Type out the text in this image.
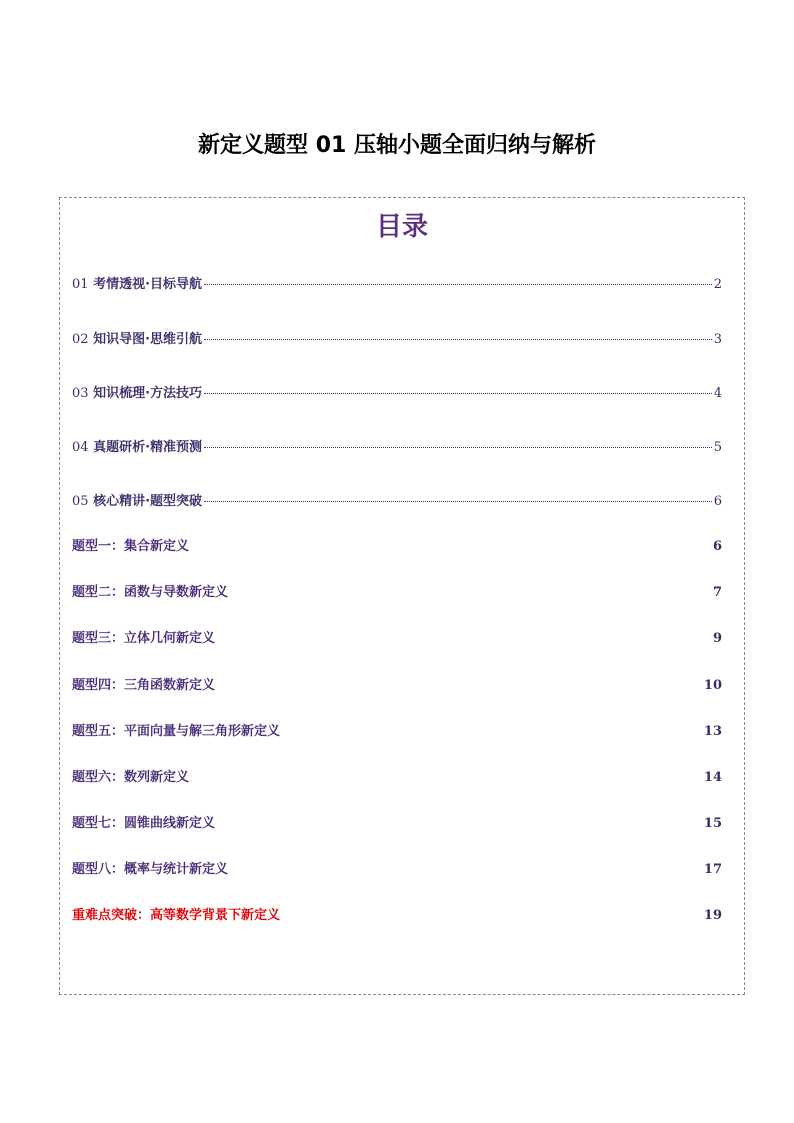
新定义题型 01 压轴小题全面归纳与解析
目录
01 考情透视·目标导航	2
02 知识导图·思维引航	3
03 知识梳理·方法技巧	4
04 真题研析·精准预测	5
05 核心精讲·题型突破	6
题型一：集合新定义	6
题型二：函数与导数新定义	7
题型三：立体几何新定义	9
题型四：三角函数新定义	10
题型五：平面向量与解三角形新定义	13
题型六：数列新定义	14
题型七：圆锥曲线新定义	15
题型八：概率与统计新定义	17
重难点突破：高等数学背景下新定义	19
